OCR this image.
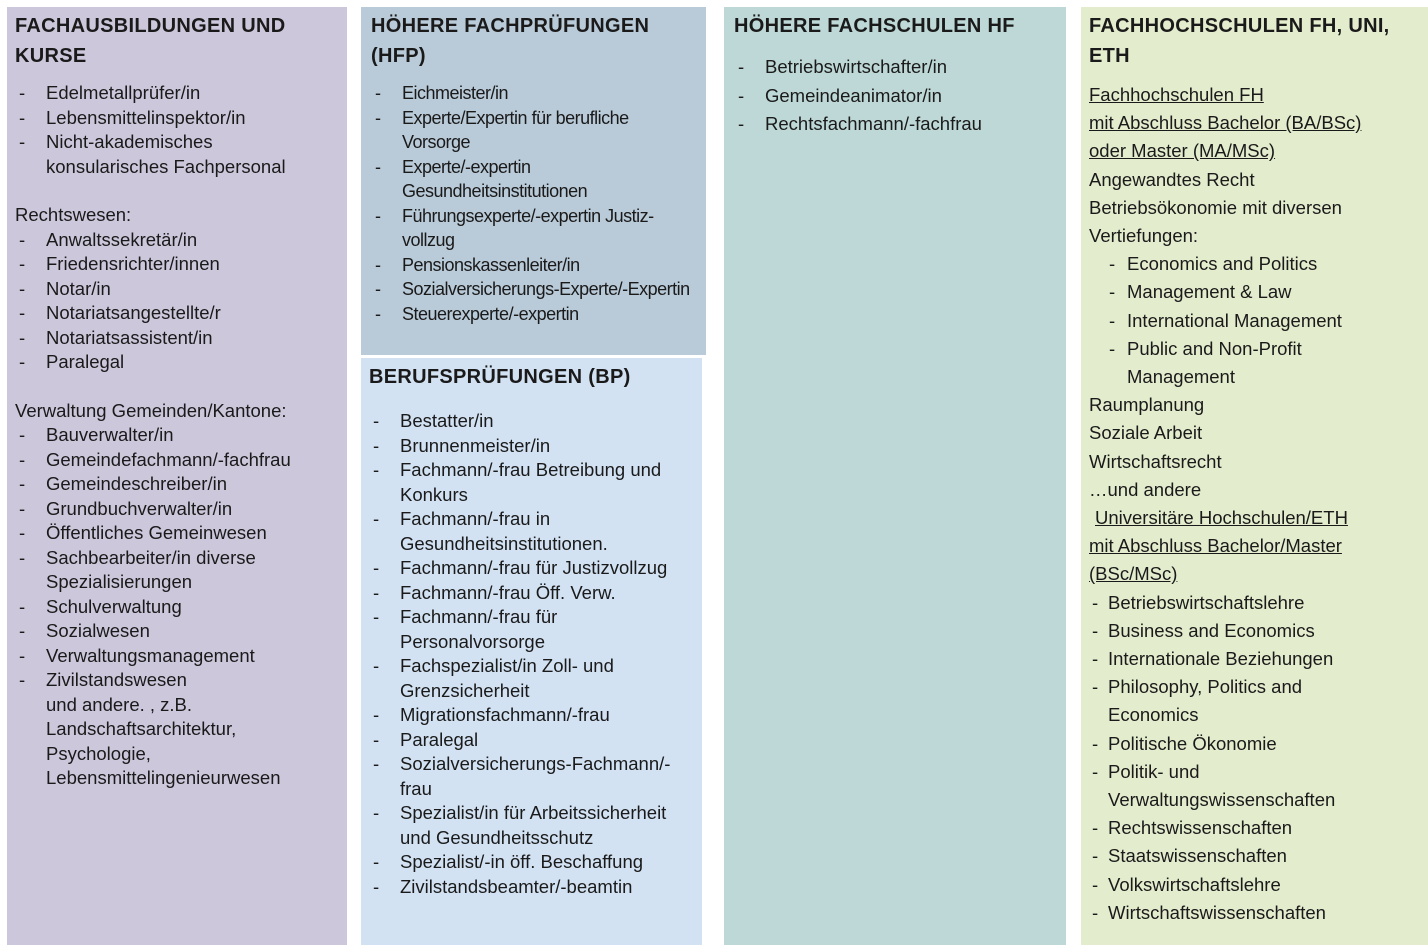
FACHAUSBILDUNGEN UND KURSE
- Edelmetallprüfer/in
- Lebensmittelinspektor/in
- Nicht-akademisches konsularisches Fachpersonal
Rechtswesen:
- Anwaltssekretär/in
- Friedensrichter/innen
- Notar/in
- Notariatsangestellte/r
- Notariatsassistent/in
- Paralegal
Verwaltung Gemeinden/Kantone:
- Bauverwalter/in
- Gemeindefachmann/-fachfrau
- Gemeindeschreiber/in
- Grundbuchverwalter/in
- Öffentliches Gemeinwesen
- Sachbearbeiter/in diverse Spezialisierungen
- Schulverwaltung
- Sozialwesen
- Verwaltungsmanagement
- Zivilstandswesen
und andere. , z.B. Landschaftsarchitektur, Psychologie, Lebensmittelingenieurwesen
HÖHERE FACHPRÜFUNGEN (HFP)
- Eichmeister/in
- Experte/Expertin für berufliche Vorsorge
- Experte/-expertin Gesundheitsinstitutionen
- Führungsexperte/-expertin Justiz-vollzug
- Pensionskassenleiter/in
- Sozialversicherungs-Experte/-Expertin
- Steuerexperte/-expertin
BERUFSPRÜFUNGEN (BP)
- Bestatter/in
- Brunnenmeister/in
- Fachmann/-frau Betreibung und Konkurs
- Fachmann/-frau in Gesundheitsinstitutionen.
- Fachmann/-frau für Justizvollzug
- Fachmann/-frau Öff. Verw.
- Fachmann/-frau für Personalvorsorge
- Fachspezialist/in Zoll- und Grenzsicherheit
- Migrationsfachmann/-frau
- Paralegal
- Sozialversicherungs-Fachmann/-frau
- Spezialist/in für Arbeitssicherheit und Gesundheitsschutz
- Spezialist/-in öff. Beschaffung
- Zivilstandsbeamter/-beamtin
HÖHERE FACHSCHULEN HF
- Betriebswirtschafter/in
- Gemeindeanimator/in
- Rechtsfachmann/-fachfrau
FACHHOCHSCHULEN FH, UNI, ETH
Fachhochschulen FH
mit Abschluss Bachelor (BA/BSc)
oder Master (MA/MSc)
Angewandtes Recht
Betriebsökonomie mit diversen Vertiefungen:
- Economics and Politics
- Management & Law
- International Management
- Public and Non-Profit Management
Raumplanung
Soziale Arbeit
Wirtschaftsrecht
…und andere
Universitäre Hochschulen/ETH
mit Abschluss Bachelor/Master (BSc/MSc)
- Betriebswirtschaftslehre
- Business and Economics
- Internationale Beziehungen
- Philosophy, Politics and Economics
- Politische Ökonomie
- Politik- und Verwaltungswissenschaften
- Rechtswissenschaften
- Staatswissenschaften
- Volkswirtschaftslehre
- Wirtschaftswissenschaften
